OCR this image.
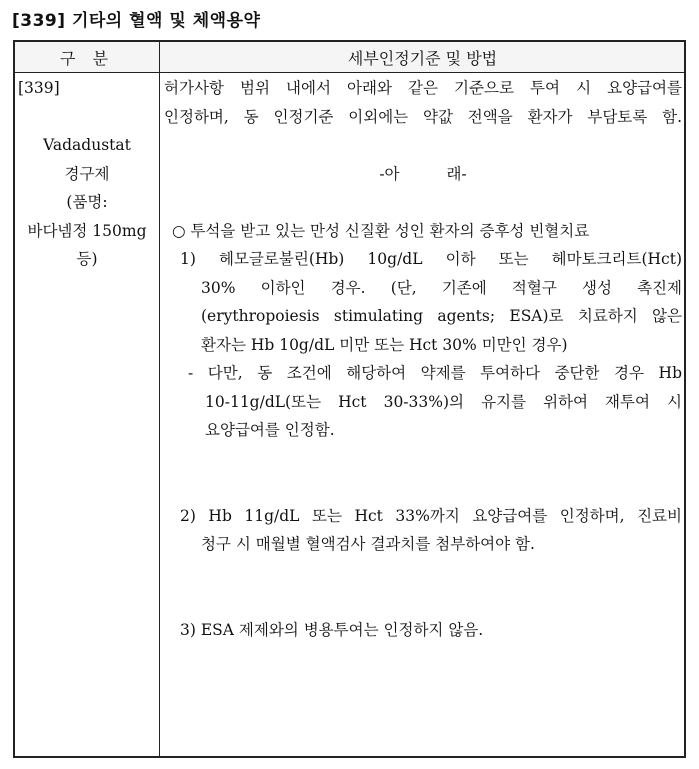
[339] 기타의 혈액 및 체액용약
구 분	세부인정기준 및 방법
[339]
Vadadustat
경구제
(품명:
바다넴정 150mg
등)
허가사항 범위 내에서 아래와 같은 기준으로 투여 시 요양급여를
인정하며, 동 인정기준 이외에는 약값 전액을 환자가 부담토록 함.
-아 래-
○ 투석을 받고 있는 만성 신질환 성인 환자의 증후성 빈혈치료
1) 헤모글로불린(Hb) 10g/dL 이하 또는 헤마토크리트(Hct)
30% 이하인 경우. (단, 기존에 적혈구 생성 촉진제
(erythropoiesis stimulating agents; ESA)로 치료하지 않은
환자는 Hb 10g/dL 미만 또는 Hct 30% 미만인 경우)
- 다만, 동 조건에 해당하여 약제를 투여하다 중단한 경우 Hb
10-11g/dL(또는 Hct 30-33%)의 유지를 위하여 재투여 시
요양급여를 인정함.
2) Hb 11g/dL 또는 Hct 33%까지 요양급여를 인정하며, 진료비
청구 시 매월별 혈액검사 결과치를 첨부하여야 함.
3) ESA 제제와의 병용투여는 인정하지 않음.
